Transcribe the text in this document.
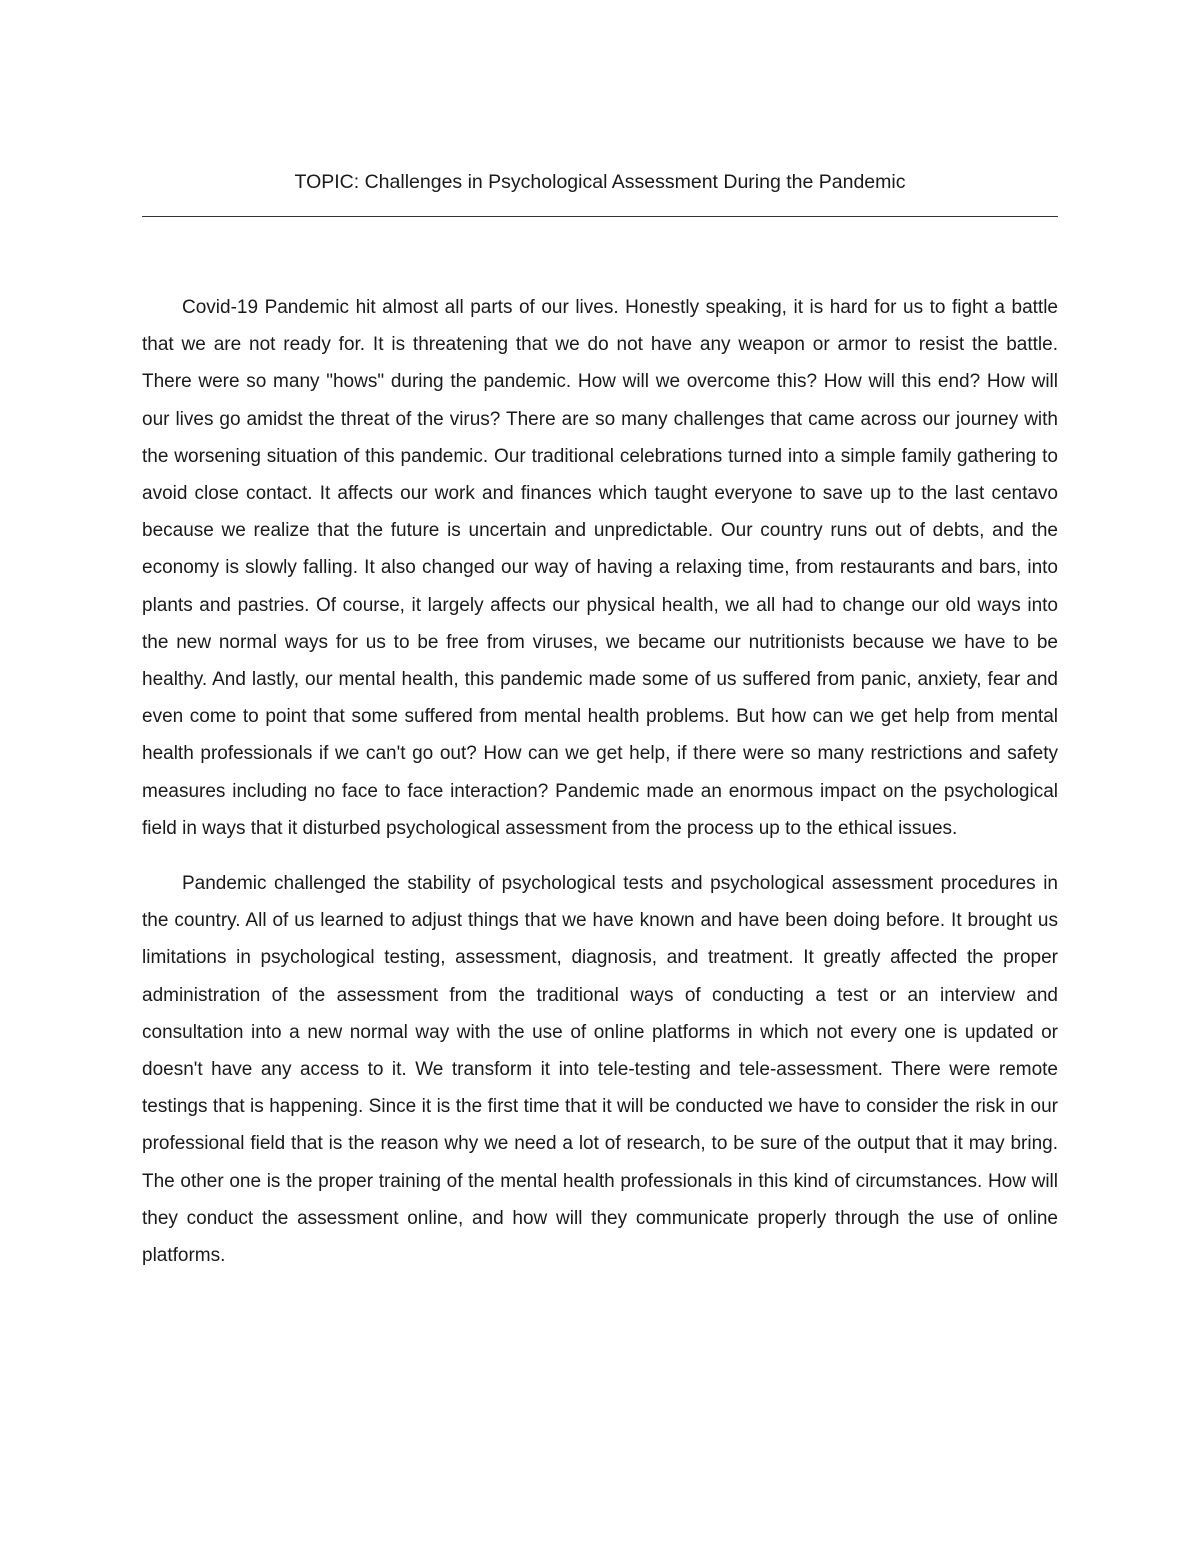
TOPIC: Challenges in Psychological Assessment During the Pandemic

Covid-19 Pandemic hit almost all parts of our lives. Honestly speaking, it is hard for us to fight a battle that we are not ready for. It is threatening that we do not have any weapon or armor to resist the battle. There were so many "hows" during the pandemic. How will we overcome this? How will this end? How will our lives go amidst the threat of the virus? There are so many challenges that came across our journey with the worsening situation of this pandemic. Our traditional celebrations turned into a simple family gathering to avoid close contact. It affects our work and finances which taught everyone to save up to the last centavo because we realize that the future is uncertain and unpredictable. Our country runs out of debts, and the economy is slowly falling. It also changed our way of having a relaxing time, from restaurants and bars, into plants and pastries. Of course, it largely affects our physical health, we all had to change our old ways into the new normal ways for us to be free from viruses, we became our nutritionists because we have to be healthy. And lastly, our mental health, this pandemic made some of us suffered from panic, anxiety, fear and even come to point that some suffered from mental health problems. But how can we get help from mental health professionals if we can't go out? How can we get help, if there were so many restrictions and safety measures including no face to face interaction? Pandemic made an enormous impact on the psychological field in ways that it disturbed psychological assessment from the process up to the ethical issues.

Pandemic challenged the stability of psychological tests and psychological assessment procedures in the country. All of us learned to adjust things that we have known and have been doing before. It brought us limitations in psychological testing, assessment, diagnosis, and treatment. It greatly affected the proper administration of the assessment from the traditional ways of conducting a test or an interview and consultation into a new normal way with the use of online platforms in which not every one is updated or doesn't have any access to it. We transform it into tele-testing and tele-assessment. There were remote testings that is happening. Since it is the first time that it will be conducted we have to consider the risk in our professional field that is the reason why we need a lot of research, to be sure of the output that it may bring. The other one is the proper training of the mental health professionals in this kind of circumstances. How will they conduct the assessment online, and how will they communicate properly through the use of online platforms.
